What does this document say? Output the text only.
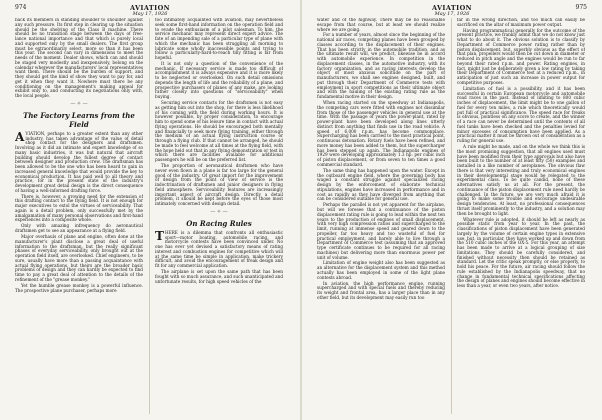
974	AVIATION
May 17, 1926

back its members in standing shoulder to shoulder against any such pressure. Its first step in clearing up the situation should be the shelving of the Class B machine. There should be no transition stage between the days of free-lance national importance and that which is purely local and supported only by the small dealers. The first group must be extraordinarily select, more so than it has been this year. The second can vary in dimensions to meet the needs of the moment. Dealer shows, which can and should be staged very modestly and inexpensively, belong on the calendar wherever the manufacturers' local representatives want them. There should be the burden of support, and they should get the kind of show they want to pay for, and get it when they want it. Nowhere must there be any conditioning on the management's making appeal for exhibit only to, and conducting its negotiations only with, the local people.

— ✧ —
The Factory Learns from the Field

AVIATION, perhaps to a greater extent than any other industry, has taken advantage of the value of detail shop contact for the designers and draftsmen. Involving as it did an intimate and expert knowledge of so many basic industries, it was but natural that aircraft building should develop the fullest degree of contact between designer and production crew. The draftsman has been allowed to be the one who has been heard to gain in increased general knowledge that would provide the key to economical production. It has paid well to all theory and practice, for in the present state of the industry's development great detail design is the direct consequence of having a well-informed drafting force.

There is, however, a growing need for the extension of this drafting contact to the flying field. It is not enough for major executives to extol the virtues of serviceability. That again is a detail problem, only successfully met by the amalgamation of many personal observations and first-hand experiences into a composite whole.

Only with amazing infrequency do aeronautical draftsmen get to see an appearance at a flying field.

Major overhauls of plane and engine, often done at the manufacturer's plant disclose a great deal of useful information to the draftsman, but the really significant phases of everyday serviceability, only brought out at the operation field itself, are overlooked. Chief engineers, to be sure, usually have more than a passing acquaintance with actual flying operations, but theirs are the broader basic problems of design and they can hardly be expected to find time to pay a great deal of attention to the details of the refinement of the "grease monkey."

Yet the humble grease monkey is a powerful influence. The prospective plane purchaser, perhaps more

too intimately acquainted with aviation, may nevertheless seek some first-hand information on the operation field and to evade the enthusiasm of a pilot salesman. To him, the service mechanic may represent direct expert advice. The fate of an impending sale of a particular type of plane with which the mechanic has been struggling all morning to lubricate some wholly inaccessible points and trying to follow a particularly-hard-to-reach tiny fitting is far from hopeful.

It is not only a question of the convenience of the mechanic. If necessary service is made too difficult of accomplishment it is always expensive and it is more likely to be neglected or overlooked. On such detail omissions depends the length of life and the reliability of a plane, and prospective purchasers of planes of any make, are looking rather closely into questions of "serviceability" when buying.

Securing service contacts for the draftsmen is not easy as getting him out into the shop, for there is less likelihood of his coming with the field during working hours. It is however possible, by proper consideration, to encourage him to spend some of his leisure time in contact with actual flying operations. He should be encouraged both mentally and financially to seek more flying training, either through the medium of an actual flying instruction course or through a flying club. If that cannot be arranged, he should be made to feel welcome at all times at the flying field, with the hope held out that in any flying demonstration or test in which there are facilities available for additional passengers he will be on the preferred list.

The proportion of aeronautical draftsmen who have never even flown in a plane is far too large for the general good of the industry. Of great import for the improvement of design from the point of view of service is the indoctrination of draftsmen and junior designers in flying field atmosphere. Serviceability features are increasingly important aspect of aircraft design. Directly a detail problem, it should be kept before the eyes of those most intimately concerned with design detail.

— ✧ —
On Racing Rules

THERE is a dilemma that confronts all enthusiastic sport—motor boating, automobile racing, and motorcycle contests have been convinced under. No one has ever yet devised a satisfactory means of rating interest and combustion engines for competitive which will at the same time be simple in application, make trickery difficult, and avoid the encouragement of freak design and fit for any commercial application.

The airplane is set upon the same path that has been fought with so much assurance, and such unanticipated and unfortunate results, for high speed vehicles of the

AVIATION
May 17, 1926
975

water and of the highway. There may be no reasonable escape from that course, but at least we should realize where we are going.

For a number of years, almost since the beginning of the national air races, competing planes have been grouped by classes according to the displacement of their engines. That has been strictly in the automobile tradition, and as the ultimate result will, we predict, likewise be in accord with automobile experience. In competition in the displacement classes, in the automotive industry, with its factory organization, and as racing interests develop the object of most anxious solicitude on the part of manufacturers, we shall see engines designed, built, and put through their Department of Commerce tests with employment in sport competitions as their ultimate object and with the hauling of the existing rating rule as the fundamental motive in their design.

When racing started on the speedway at Indianapolis, the competing cars were fitted with engines not dissimilar from those of the passenger vehicles in general use at the time. With the passage of years the power-plant, rated by power-plant have been developed along lines utterly distinct from anything that finds use in the road vehicle. A speed of 6,000 r.p.m. has become commonplace. Supercharging has been carried to the most practical point, continuous detonation. Rotary fuels have been refined, and more money has been added to them, but the supercharger has been stepped up again. The Indianapolis engines of 1929 were developing approximately 1.3 hp. per cubic inch of piston displacement, or from seven to ten times a good commercial standard.

The same thing has happened upon the water. Except in the outboard engine field, where the governing body has waged a constant struggle against specialized racing design by the enforcement of elaborate technical stipulations, engines have increased in performance and in cost as rapidly as they have diverged from anything that can be considered suitable for general use.

Perhaps the parallel is not yet apparent for the airplane, but will we foresee that a continuance of the piston displacement rating rule is going to lead within the next ten years to the production of engines of small displacement, with very high compression ratios and supercharged to the limit, running at immense speed and geared down to the propeller, far too heavy and too wasteful of fuel for practical employment, and barely able to live through a Department of Commerce test (assuming that an approved type certificate continues to be required for all racing machines) but delivering more than enormous power per unit of volume.

Limitation of engine weight also has been suggested as an alternative for the displacement system and this method actually has been employed in some of the light plane contests abroad.

In aviation, the high performance engine, running supercharged and with special fuels and thereby reducing its weight and frontal area, has a larger place than in any other field, but its development may easily run too

far in the wrong direction, and too much can easily be sacrificed on the altar of maximum power output.

Having programmatical generally for the outcome of the present practice, we frankly admit that we do not know just what to do about it. The obvious solution is to classify by Department of Commerce power rating rather than by piston displacement, but, superbly obvious as the effect of that plan, propellers would then be cut down in diameter or reduced in pitch angle and the engines would be run to far beyond their rated r.p.m. and power. Rating engines, in fact, might just be deliberately given a low rating by taking their Department of Commerce test at a reduced r.p.m., in anticipation of just such an increase in power output for competitive purposes.

Limitation of fuel is a possibility, and it has been successful in certain European motorcycle and automobile road races in the past. Instead of limiting to 800 cubic inches of displacement, the limit might be to one gallon of fuel for every ten miles, a rule which theoretically would put full of practical significance. The speed race for freaks is obvious, pointless on any score to create, and the winner of a race can never be determined until the contents of all fuel tanks have been checked and the penalties levied for minor excesses of consumption have been applied. As a practical matter it must be thrown out of consideration as a ruling for general use.

A rule might be made, and on the whole we think this is the most promising suggestion, that all engines used must have been modified from their type approvals but also have been built to the number of at least fifty (50) examples and installed in a like number of aeroplanes. The obvious flaw there is that very interesting and truly economical engines in their developmental stage would be relegated to the experimental class. To be quite candid, none of these alternatives satisfy us at all. For the present, the continuance of the piston displacement rule need hardly be challenged. In the future, we are very much afraid it is going to make some trouble and encourage undesirable design tendencies. At least, no professional consequences thrust itself prominently to the industry, and a solution may then be brought to light.

Whatever rule is adopted, it should be left as nearly as possible static from year to year. In the past, the classifications of piston displacement have been generated largely by the volume of certain engine types in extensive use, but, in particular, they have worked up and down from the 510 cubic inches of the OX-5. For this year, an attempt has been made to arrive at a logical grouping of size limitations. They should be carefully considered, and finished without necessity then should be retained as standard. Let the critic speak promptly, or else properly, to hold his peace. For the future, air racing should follow the rule established by the Indianapolis speedway, that no change in fundamental technical specifications affecting the design of planes and engines should become effective in less than a year, or even two years, after notice.
